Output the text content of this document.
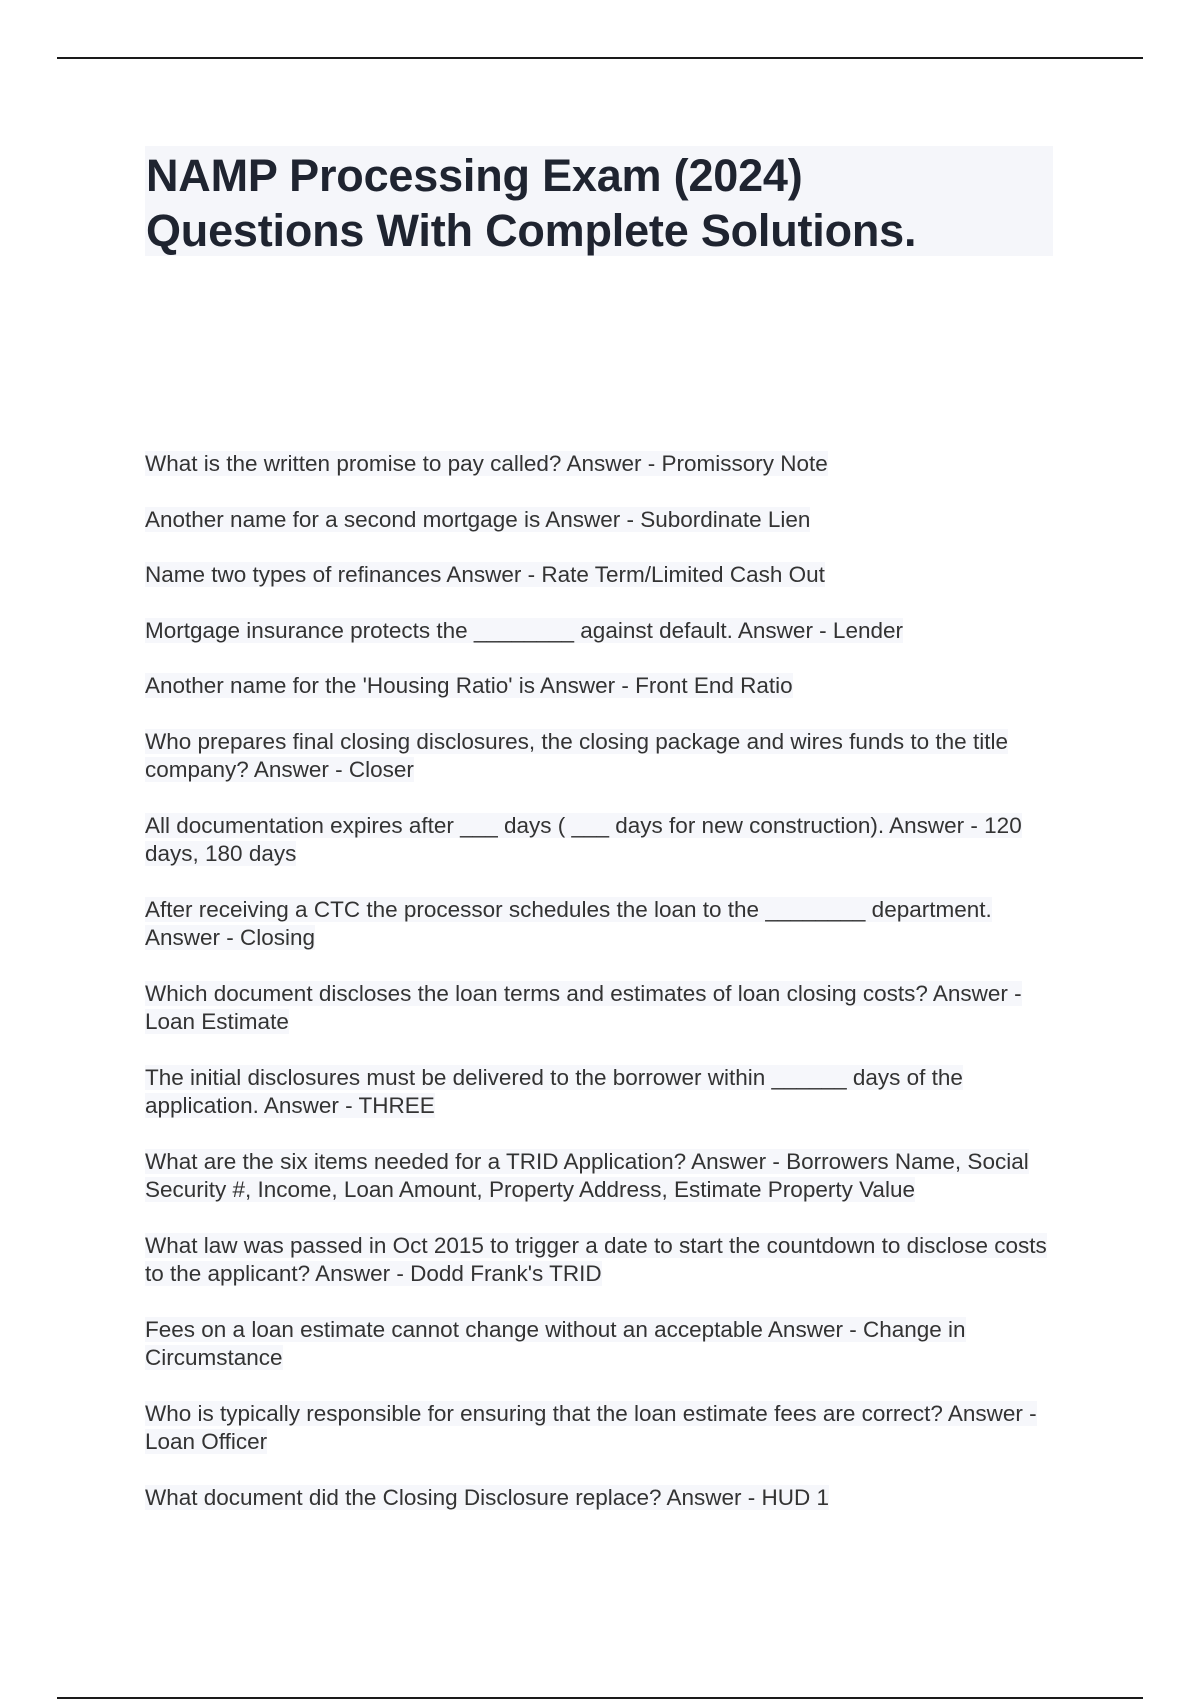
NAMP Processing Exam (2024)
Questions With Complete Solutions.
What is the written promise to pay called? Answer - Promissory Note
Another name for a second mortgage is Answer - Subordinate Lien
Name two types of refinances Answer - Rate Term/Limited Cash Out
Mortgage insurance protects the ________ against default. Answer - Lender
Another name for the 'Housing Ratio' is Answer - Front End Ratio
Who prepares final closing disclosures, the closing package and wires funds to the title company? Answer - Closer
All documentation expires after ___ days ( ___ days for new construction). Answer - 120 days, 180 days
After receiving a CTC the processor schedules the loan to the ________ department. Answer - Closing
Which document discloses the loan terms and estimates of loan closing costs? Answer - Loan Estimate
The initial disclosures must be delivered to the borrower within ______ days of the application. Answer - THREE
What are the six items needed for a TRID Application? Answer - Borrowers Name, Social Security #, Income, Loan Amount, Property Address, Estimate Property Value
What law was passed in Oct 2015 to trigger a date to start the countdown to disclose costs to the applicant? Answer - Dodd Frank's TRID
Fees on a loan estimate cannot change without an acceptable Answer - Change in Circumstance
Who is typically responsible for ensuring that the loan estimate fees are correct? Answer - Loan Officer
What document did the Closing Disclosure replace? Answer - HUD 1
